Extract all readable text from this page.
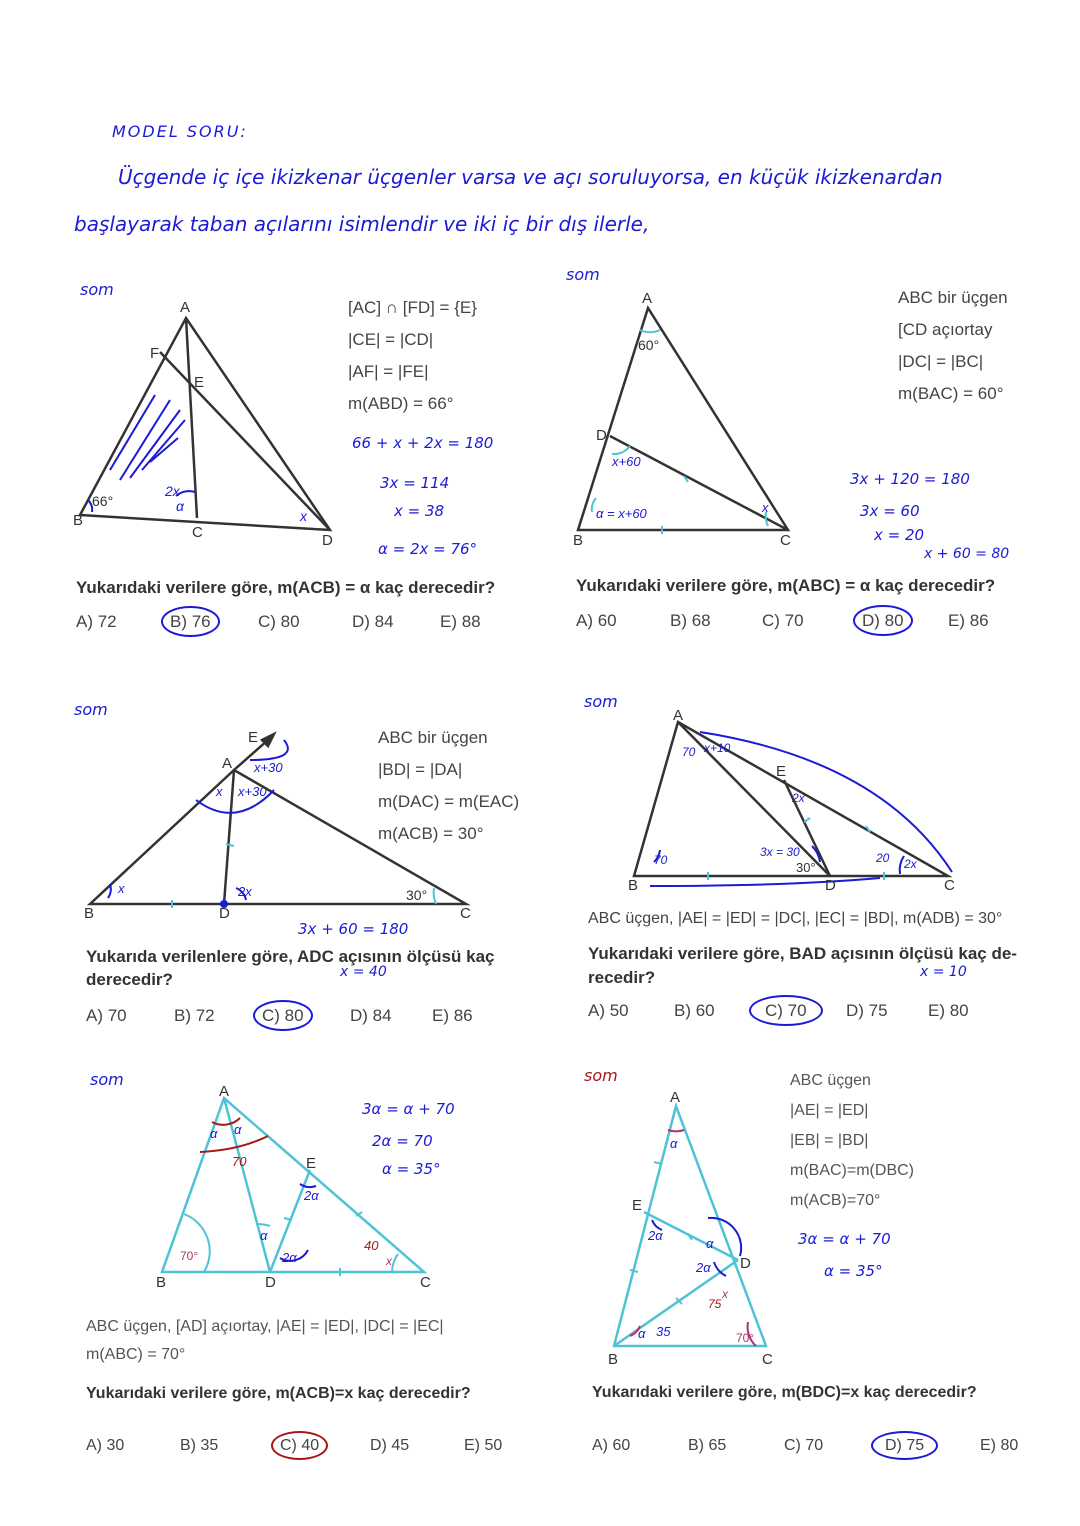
MODEL SORU:
Üçgende iç içe ikizkenar üçgenler varsa ve açı soruluyorsa, en küçük ikizkenardan
başlayarak taban açılarını isimlendir ve iki iç bir dış ilerle,
som
A
B
C	D
E
F
66°	α
2x
x
[AC] ∩ [FD] = {E}
|CE| = |CD|
|AF| = |FE|
m(ABD) = 66°
66 + x + 2x = 180
3x = 114
x = 38
α = 2x = 76°
Yukarıdaki verilere göre, m(ACB) = α kaç derecedir?
A) 72	B) 76	C) 80	D) 84	E) 88
som
A
B	C
D
60°
x+60
α = x+60	x
ABC bir üçgen
[CD açıortay
|DC| = |BC|
m(BAC) = 60°
3x + 120 = 180
3x = 60
x = 20
x + 60 = 80
Yukarıdaki verilere göre, m(ABC) = α kaç derecedir?
A) 60	B) 68	C) 70	D) 80	E) 86
som
A
B	C
D
E
30°
x+30
x+30
x
x	2x
ABC bir üçgen
|BD| = |DA|
m(DAC) = m(EAC)
m(ACB) = 30°
3x + 60 = 180
x = 40
Yukarıda verilenlere göre, ADC açısının ölçüsü kaç
derecedir?
A) 70	B) 72	C) 80	D) 84 E) 86
som
A
B	C
D
E
30°
70 x+10
70
2x
3x = 30	20 2x
ABC üçgen, |AE| = |ED| = |DC|, |EC| = |BD|, m(ADB) = 30°
Yukarıdaki verilere göre, BAD açısının ölçüsü kaç de-
recedir?	x = 10
A) 50	B) 60	C) 70	D) 75 E) 80
som
A
B	C
D
E
70°	x
α α
α
2α
2α
70
40
3α = α + 70
2α = 70
α = 35°
ABC üçgen, [AD] açıortay, |AE| = |ED|, |DC| = |EC|
m(ABC) = 70°
Yukarıdaki verilere göre, m(ACB)=x kaç derecedir?
A) 30	B) 35	C) 40	D) 45	E) 50
som
A
B	C
D
E
70°
α
2α
α
2α
α 35
75
x
ABC üçgen
|AE| = |ED|
|EB| = |BD|
m(BAC)=m(DBC)
m(ACB)=70°
3α = α + 70
α = 35°
Yukarıdaki verilere göre, m(BDC)=x kaç derecedir?
A) 60	B) 65	C) 70	D) 75	E) 80
